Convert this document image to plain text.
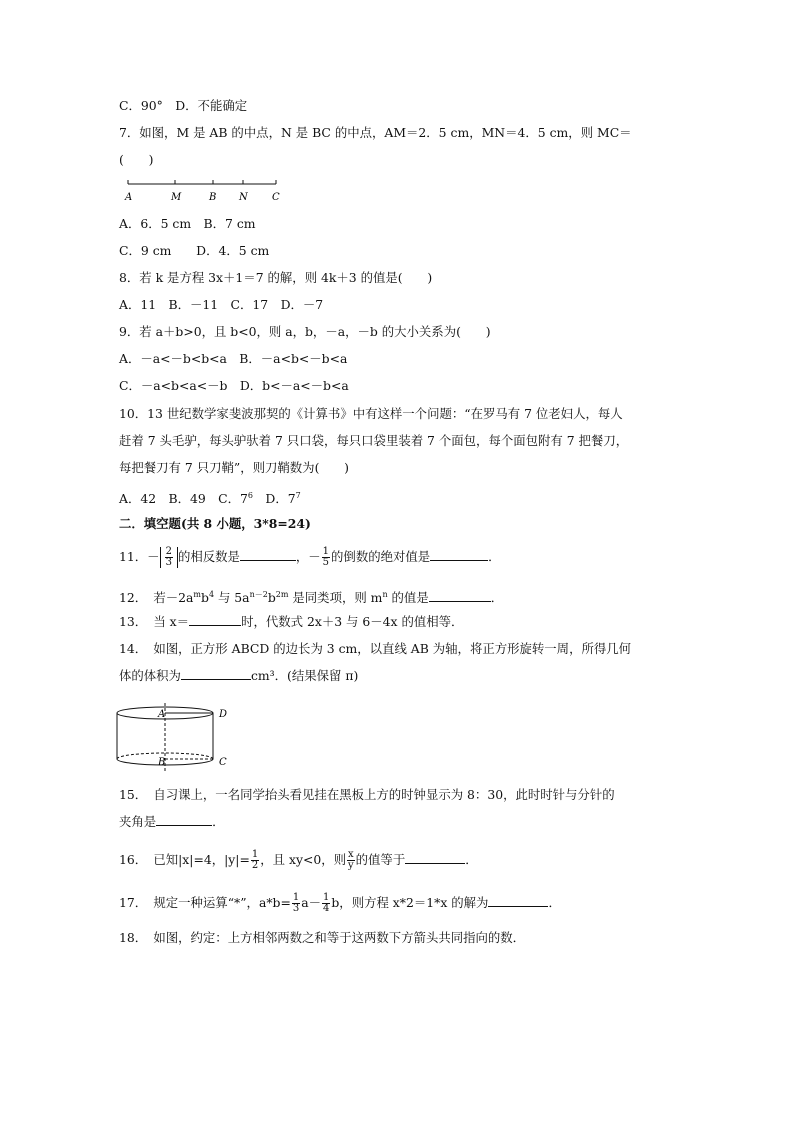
C．90°　D．不能确定
7．如图，M 是 AB 的中点，N 是 BC 的中点，AM＝2．5 cm，MN＝4．5 cm，则 MC＝
(　　)
A	M	B N C
A．6．5 cm　B．7 cm
C．9 cm　　D．4．5 cm
8．若 k 是方程 3x＋1＝7 的解，则 4k＋3 的值是(　　)
A．11　B．－11　C．17　D．－7
9．若 a＋b>0，且 b<0，则 a，b，－a，－b 的大小关系为(　　)
A．－a<－b<b<a　B．－a<b<－b<a
C．－a<b<a<－b　D．b<－a<－b<a
10．13 世纪数学家斐波那契的《计算书》中有这样一个问题：“在罗马有 7 位老妇人，每人
赶着 7 头毛驴，每头驴驮着 7 只口袋，每只口袋里装着 7 个面包，每个面包附有 7 把餐刀，
每把餐刀有 7 只刀鞘”，则刀鞘数为(　　)
A．42　B．49　C．$7^6$　D．$7^7$
二．填空题(共 8 小题，3*8=24)
11．－ $\frac{2}{3}$ 的相反数是	，－ $\frac{1}{5}$ 的倒数的绝对值是	．
12．　若$-2a^mb^4$ 与 $5a^{n-2}b^{2m}$ 是同类项，则 $m^n$ 的值是	．
13．　当 x＝	时，代数式 2x＋3 与 6－4x 的值相等．
14．　如图，正方形 ABCD 的边长为 3 cm，以直线 AB 为轴，将正方形旋转一周，所得几何
体的体积为	cm³．(结果保留 π)
A	D
B	C
15．　自习课上，一名同学抬头看见挂在黑板上方的时钟显示为 8：30，此时时针与分针的
夹角是	．
16．　已知|x|=4，$|y|= \frac{1}{2}$ ，且 xy<0，则 $\frac{x}{y}$ 的值等于	．
17．　规定一种运算“*”，$a*b= \frac{1}{3} a- \frac{1}{4}$ b，则方程 x*2＝1*x 的解为	．
18．　如图，约定：上方相邻两数之和等于这两数下方箭头共同指向的数．
